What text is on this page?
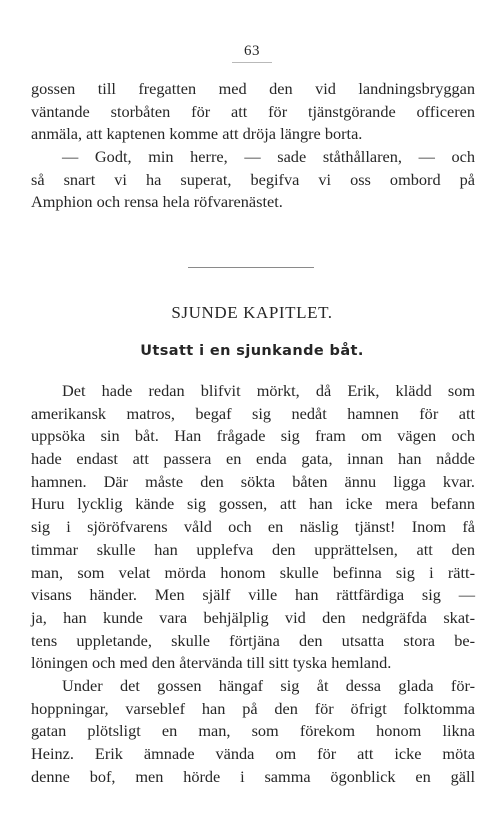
63
gossen till fregatten med den vid landningsbryggan
väntande storbåten för att för tjänstgörande officeren
anmäla, att kaptenen komme att dröja längre borta.
— Godt, min herre, — sade ståthållaren, — och
så snart vi ha superat, begifva vi oss ombord på
Amphion och rensa hela röfvarenästet.
SJUNDE KAPITLET.
Utsatt i en sjunkande båt.
Det hade redan blifvit mörkt, då Erik, klädd som
amerikansk matros, begaf sig nedåt hamnen för att
uppsöka sin båt. Han frågade sig fram om vägen och
hade endast att passera en enda gata, innan han nådde
hamnen. Där måste den sökta båten ännu ligga kvar.
Huru lycklig kände sig gossen, att han icke mera befann
sig i sjöröfvarens våld och en näslig tjänst! Inom få
timmar skulle han upplefva den upprättelsen, att den
man, som velat mörda honom skulle befinna sig i rätt-
visans händer. Men själf ville han rättfärdiga sig —
ja, han kunde vara behjälplig vid den nedgräfda skat-
tens uppletande, skulle förtjäna den utsatta stora be-
löningen och med den återvända till sitt tyska hemland.
Under det gossen hängaf sig åt dessa glada för-
hoppningar, varseblef han på den för öfrigt folktomma
gatan plötsligt en man, som förekom honom likna
Heinz. Erik ämnade vända om för att icke möta
denne bof, men hörde i samma ögonblick en gäll
